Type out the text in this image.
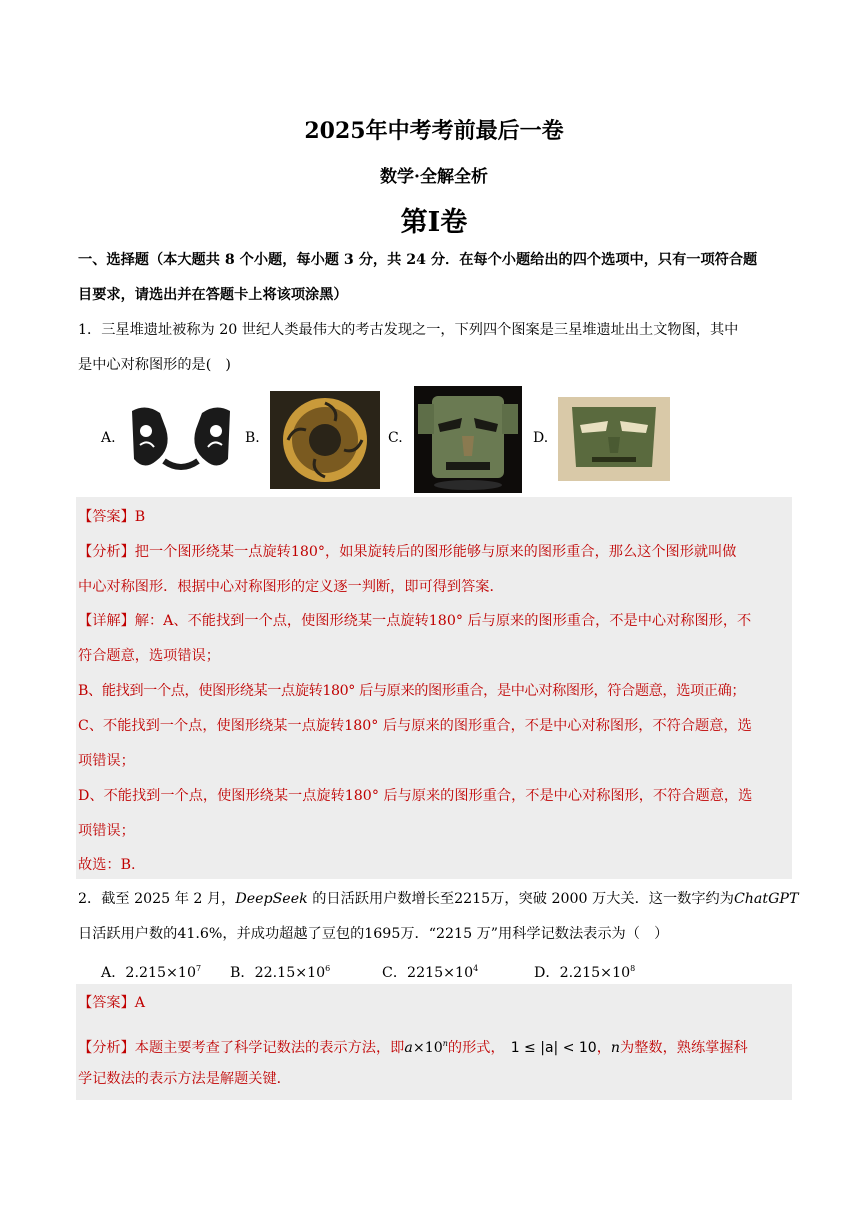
2025年中考考前最后一卷
数学·全解全析
第I卷
一、选择题（本大题共 8 个小题，每小题 3 分，共 24 分．在每个小题给出的四个选项中，只有一项符合题
目要求，请选出并在答题卡上将该项涂黑）
1．三星堆遗址被称为 20 世纪人类最伟大的考古发现之一，下列四个图案是三星堆遗址出土文物图，其中
是中心对称图形的是(　)
A.	B.	C.	D.
【答案】B
【分析】把一个图形绕某一点旋转180°，如果旋转后的图形能够与原来的图形重合，那么这个图形就叫做
中心对称图形．根据中心对称图形的定义逐一判断，即可得到答案．
【详解】解：A、不能找到一个点，使图形绕某一点旋转180° 后与原来的图形重合，不是中心对称图形，不
符合题意，选项错误；
B、能找到一个点，使图形绕某一点旋转180° 后与原来的图形重合，是中心对称图形，符合题意，选项正确；
C、不能找到一个点，使图形绕某一点旋转180° 后与原来的图形重合，不是中心对称图形，不符合题意，选
项错误；
D、不能找到一个点，使图形绕某一点旋转180° 后与原来的图形重合，不是中心对称图形，不符合题意，选
项错误；
故选：B.
2．截至 2025 年 2 月，DeepSeek 的日活跃用户数增长至2215万，突破 2000 万大关．这一数字约为ChatGPT
日活跃用户数的41.6%，并成功超越了豆包的1695万．“2215 万”用科学记数法表示为（　）
A．$2.215\times 10^7$ B．$22.15\times 10^6$	C．$2215\times 10^4$	D．$2.215\times 10^8$
【答案】A
【分析】本题主要考查了科学记数法的表示方法，即$a\times 10^n$的形式， 1 ≤ |a| < 10，n为整数，熟练掌握科
学记数法的表示方法是解题关键．
